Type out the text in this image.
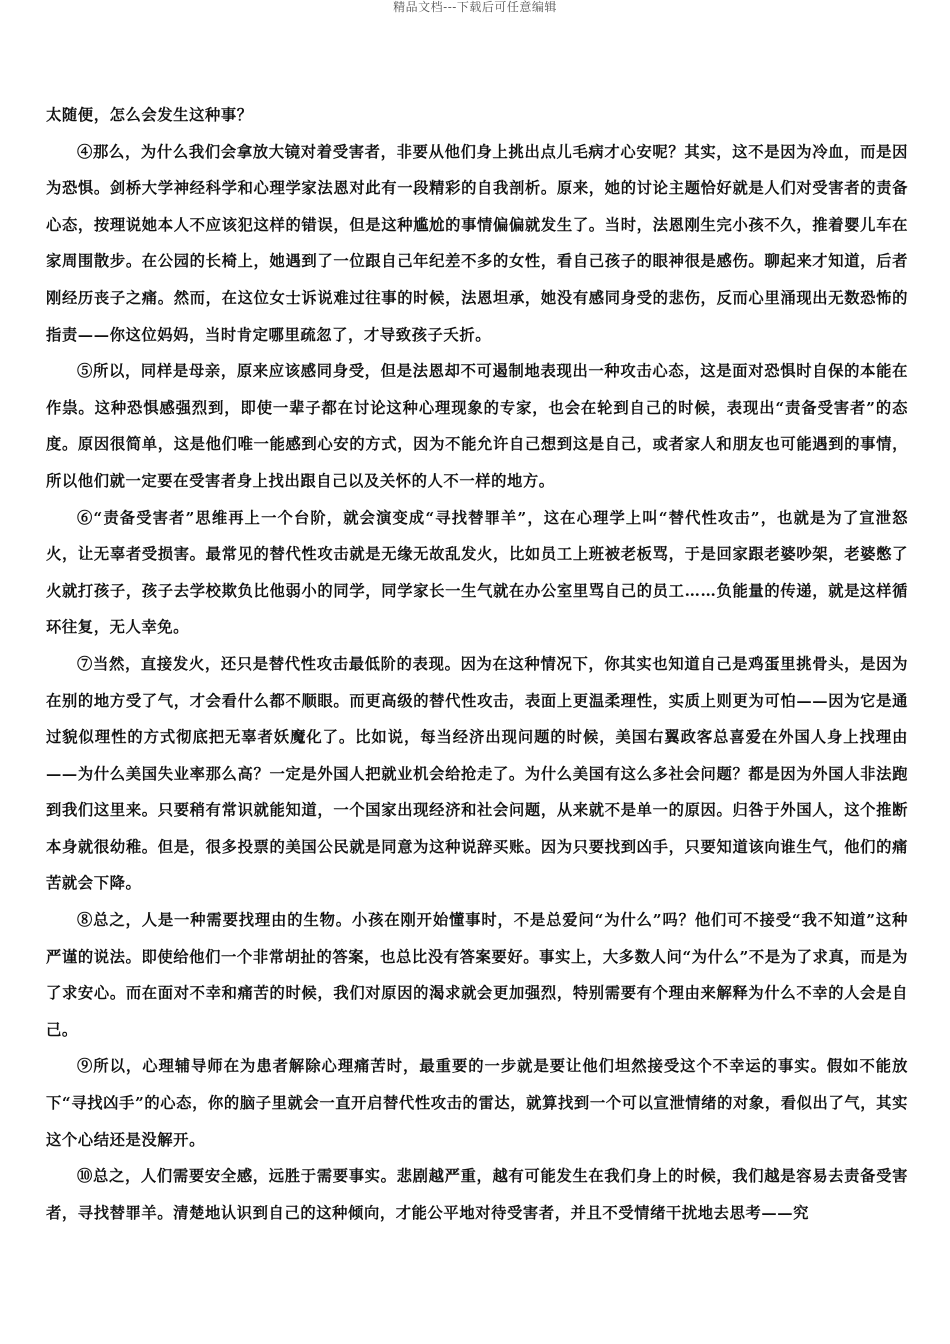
精品文档---下载后可任意编辑

太随便，怎么会发生这种事？

④那么，为什么我们会拿放大镜对着受害者，非要从他们身上挑出点儿毛病才心安呢？其实，这不是因为冷血，而是因为恐惧。剑桥大学神经科学和心理学家法恩对此有一段精彩的自我剖析。原来，她的讨论主题恰好就是人们对受害者的责备心态，按理说她本人不应该犯这样的错误，但是这种尴尬的事情偏偏就发生了。当时，法恩刚生完小孩不久，推着婴儿车在家周围散步。在公园的长椅上，她遇到了一位跟自己年纪差不多的女性，看自己孩子的眼神很是感伤。聊起来才知道，后者刚经历丧子之痛。然而，在这位女士诉说难过往事的时候，法恩坦承，她没有感同身受的悲伤，反而心里涌现出无数恐怖的指责——你这位妈妈，当时肯定哪里疏忽了，才导致孩子夭折。

⑤所以，同样是母亲，原来应该感同身受，但是法恩却不可遏制地表现出一种攻击心态，这是面对恐惧时自保的本能在作祟。这种恐惧感强烈到，即使一辈子都在讨论这种心理现象的专家，也会在轮到自己的时候，表现出“责备受害者”的态度。原因很简单，这是他们唯一能感到心安的方式，因为不能允许自己想到这是自己，或者家人和朋友也可能遇到的事情，所以他们就一定要在受害者身上找出跟自己以及关怀的人不一样的地方。

⑥“责备受害者”思维再上一个台阶，就会演变成“寻找替罪羊”，这在心理学上叫“替代性攻击”，也就是为了宣泄怒火，让无辜者受损害。最常见的替代性攻击就是无缘无故乱发火，比如员工上班被老板骂，于是回家跟老婆吵架，老婆憋了火就打孩子，孩子去学校欺负比他弱小的同学，同学家长一生气就在办公室里骂自己的员工……负能量的传递，就是这样循环往复，无人幸免。

⑦当然，直接发火，还只是替代性攻击最低阶的表现。因为在这种情况下，你其实也知道自己是鸡蛋里挑骨头，是因为在别的地方受了气，才会看什么都不顺眼。而更高级的替代性攻击，表面上更温柔理性，实质上则更为可怕——因为它是通过貌似理性的方式彻底把无辜者妖魔化了。比如说，每当经济出现问题的时候，美国右翼政客总喜爱在外国人身上找理由——为什么美国失业率那么高？一定是外国人把就业机会给抢走了。为什么美国有这么多社会问题？都是因为外国人非法跑到我们这里来。只要稍有常识就能知道，一个国家出现经济和社会问题，从来就不是单一的原因。归咎于外国人，这个推断本身就很幼稚。但是，很多投票的美国公民就是同意为这种说辞买账。因为只要找到凶手，只要知道该向谁生气，他们的痛苦就会下降。

⑧总之，人是一种需要找理由的生物。小孩在刚开始懂事时，不是总爱问“为什么”吗？他们可不接受“我不知道”这种严谨的说法。即使给他们一个非常胡扯的答案，也总比没有答案要好。事实上，大多数人问“为什么”不是为了求真，而是为了求安心。而在面对不幸和痛苦的时候，我们对原因的渴求就会更加强烈，特别需要有个理由来解释为什么不幸的人会是自己。

⑨所以，心理辅导师在为患者解除心理痛苦时，最重要的一步就是要让他们坦然接受这个不幸运的事实。假如不能放下“寻找凶手”的心态，你的脑子里就会一直开启替代性攻击的雷达，就算找到一个可以宣泄情绪的对象，看似出了气，其实这个心结还是没解开。

⑩总之，人们需要安全感，远胜于需要事实。悲剧越严重，越有可能发生在我们身上的时候，我们越是容易去责备受害者，寻找替罪羊。清楚地认识到自己的这种倾向，才能公平地对待受害者，并且不受情绪干扰地去思考——究
